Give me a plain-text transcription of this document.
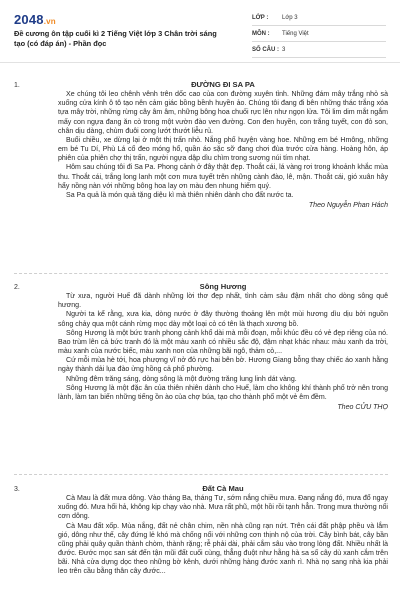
2048.vn
Đề cương ôn tập cuối kì 2 Tiếng Việt lớp 3 Chân trời sáng tạo (có đáp án) - Phần đọc
LỚP :	Lớp 3
MÔN :	Tiếng Việt
SỐ CÂU : 3
1.	ĐƯỜNG ĐI SA PA
Xe chúng tôi leo chênh vênh trên dốc cao của con đường xuyên tỉnh. Những đám mây trắng nhỏ sà xuống cửa kính ô tô tạo nên cảm giác bồng bềnh huyền ảo. Chúng tôi đang đi bên những thác trắng xóa tựa mây trời, những rừng cây âm âm, những bông hoa chuối rực lên như ngọn lửa. Tôi lim dim mắt ngắm mấy con ngựa đang ăn cỏ trong một vườn đào ven đường. Con đen huyền, con trắng tuyết, con đỏ son, chân dịu dàng, chùm đuôi cong lướt thướt liễu rủ.
Buổi chiều, xe dừng lại ở một thị trấn nhỏ. Nắng phố huyện vàng hoe. Những em bé Hmông, những em bé Tu Dí, Phù Lá cổ đeo móng hổ, quần áo sặc sỡ đang chơi đùa trước cửa hàng. Hoàng hôn, áp phiên của phiên chợ thị trấn, người ngựa dập dìu chìm trong sương núi tím nhạt.
Hôm sau chúng tôi đi Sa Pa. Phong cảnh ở đây thật đẹp. Thoắt cái, lá vàng rơi trong khoảnh khắc mùa thu. Thoắt cái, trắng long lanh một cơn mưa tuyết trên những cành đào, lê, mận. Thoắt cái, gió xuân hây hẩy nồng nàn với những bông hoa lay ơn màu đen nhung hiếm quý.
Sa Pa quả là món quà tặng diệu kì mà thiên nhiên dành cho đất nước ta.
Theo Nguyễn Phan Hách
2.	Sông Hương
Từ xưa, người Huế đã dành những lời thơ đẹp nhất, tình cảm sâu đậm nhất cho dòng sông quê hương.
Người ta kể rằng, xưa kia, dòng nước ở đây thường thoảng lên một mùi hương dìu dịu bởi nguồn sông chảy qua một cánh rừng mọc dày một loại cỏ có tên là thạch xương bồ.
Sông Hương là một bức tranh phong cảnh khổ dài mà mỗi đoạn, mỗi khúc đều có vẻ đẹp riêng của nó. Bao trùm lên cả bức tranh đó là một màu xanh có nhiều sắc độ, đậm nhạt khác nhau: màu xanh da trời, màu xanh của nước biếc, màu xanh non của những bãi ngô, thảm cỏ,...
Cứ mỗi mùa hè tới, hoa phượng vĩ nở đỏ rực hai bên bờ. Hương Giang bỗng thay chiếc áo xanh hằng ngày thành dải lụa đào ửng hồng cả phố phường.
Những đêm trăng sáng, dòng sông là một đường trăng lung linh dát vàng.
Sông Hương là một đặc ân của thiên nhiên dành cho Huế, làm cho không khí thành phố trở nên trong lành, làm tan biến những tiếng ồn ào của chợ búa, tạo cho thành phố một vẻ êm đềm.
Theo CỬU THỌ
3.	Đất Cà Mau
Cà Mau là đất mưa dông. Vào tháng Ba, tháng Tư, sớm nắng chiều mưa. Đang nắng đó, mưa đổ ngay xuống đó. Mưa hối hả, không kịp chạy vào nhà. Mưa rất phũ, một hồi rồi tạnh hẳn. Trong mưa thường nổi cơn dông.
Cà Mau đất xốp. Mùa nắng, đất nẻ chân chim, nền nhà cũng rạn nứt. Trên cái đất phập phều và lắm gió, dông như thế, cây đứng lẻ khó mà chống nổi với những cơn thịnh nộ của trời. Cây bình bát, cây bần cũng phải quây quần thành chòm, thành rặng; rễ phải dài, phải cắm sâu vào trong lòng đất. Nhiều nhất là đước. Đước mọc san sát đến tận mũi đất cuối cùng, thẳng đuột như hằng hà sa số cây dù xanh cắm trên bãi. Nhà cửa dựng dọc theo những bờ kênh, dưới những hàng đước xanh rì. Nhà nọ sang nhà kia phải leo trên cầu bằng thân cây đước...
